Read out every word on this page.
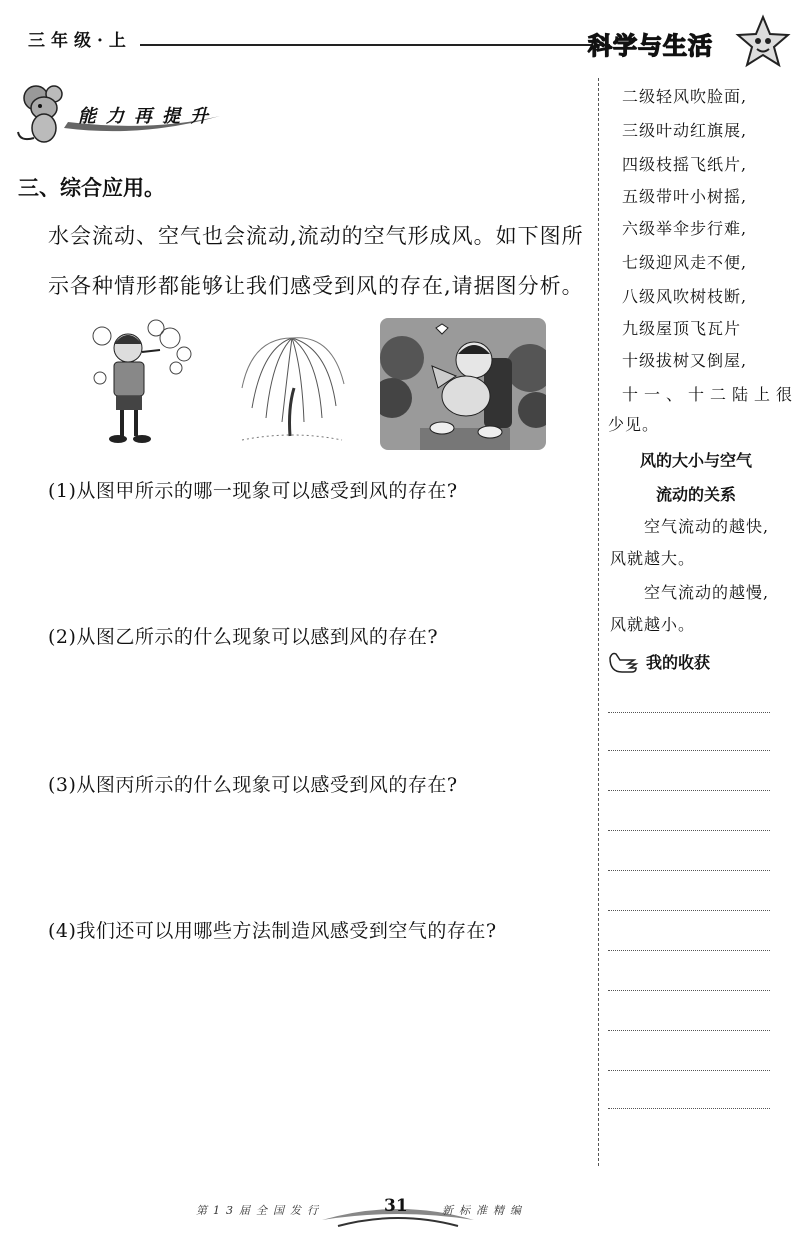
三年级·上	科学与生活
能力再提升
三、综合应用。
水会流动、空气也会流动,流动的空气形成风。如下图所
示各种情形都能够让我们感受到风的存在,请据图分析。
(1)从图甲所示的哪一现象可以感受到风的存在?
(2)从图乙所示的什么现象可以感到风的存在?
(3)从图丙所示的什么现象可以感受到风的存在?
(4)我们还可以用哪些方法制造风感受到空气的存在?
二级轻风吹脸面,
三级叶动红旗展,
四级枝摇飞纸片,
五级带叶小树摇,
六级举伞步行难,
七级迎风走不便,
八级风吹树枝断,
九级屋顶飞瓦片
十级拔树又倒屋,
十一、十二陆上很
少见。
风的大小与空气
流动的关系
空气流动的越快,
风就越大。
空气流动的越慢,
风就越小。
我的收获
第13届全国发行	31	新标准精编
